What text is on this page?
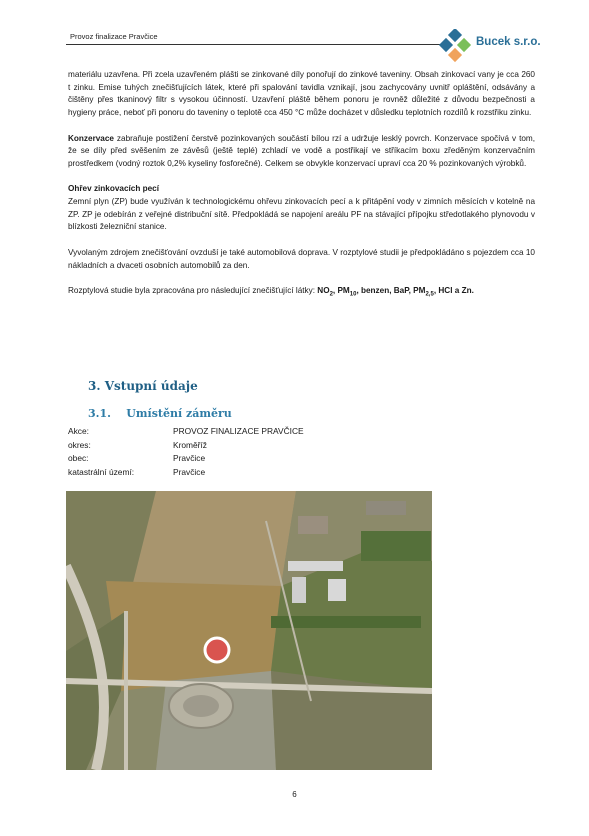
Provoz finalizace Pravčice	Bucek s.r.o.

materiálu uzavřena. Při zcela uzavřeném plášti se zinkované díly ponořují do zinkové taveniny. Obsah zinkovací vany je cca 260 t zinku. Emise tuhých znečišťujících látek, které při spalování tavidla vznikají, jsou zachycovány uvnitř opláštění, odsávány a čištěny přes tkaninový filtr s vysokou účinností. Uzavření pláště během ponoru je rovněž důležité z důvodu bezpečnosti a hygieny práce, neboť při ponoru do taveniny o teplotě cca 450 °C může docházet v důsledku teplotních rozdílů k rozstřiku zinku.

Konzervace zabraňuje postižení čerstvě pozinkovaných součástí bílou rzí a udržuje lesklý povrch. Konzervace spočívá v tom, že se díly před svěšením ze závěsů (ještě teplé) zchladí ve vodě a postřikají ve stříkacím boxu zředěným konzervačním prostředkem (vodný roztok 0,2% kyseliny fosforečné). Celkem se obvykle konzervací upraví cca 20 % pozinkovaných výrobků.

Ohřev zinkovacích pecí
Zemní plyn (ZP) bude využíván k technologickému ohřevu zinkovacích pecí a k přitápění vody v zimních měsících v kotelně na ZP. ZP je odebírán z veřejné distribuční sítě. Předpokládá se napojení areálu PF na stávající přípojku středotlakého plynovodu v blízkosti železniční stanice.

Vyvolaným zdrojem znečišťování ovzduší je také automobilová doprava. V rozptylové studii je předpokládáno s pojezdem cca 10 nákladních a dvaceti osobních automobilů za den.

Rozptylová studie byla zpracována pro následující znečišťující látky: $NO_2$, $PM_{10}$, benzen, BaP, $PM_{2,5}$, HCl a Zn.

3. Vstupní údaje
3.1.    Umístění záměru
Akce:	PROVOZ FINALIZACE PRAVČICE
okres:	Kroměříž
obec:	Pravčice
katastrální území:	Pravčice
6
